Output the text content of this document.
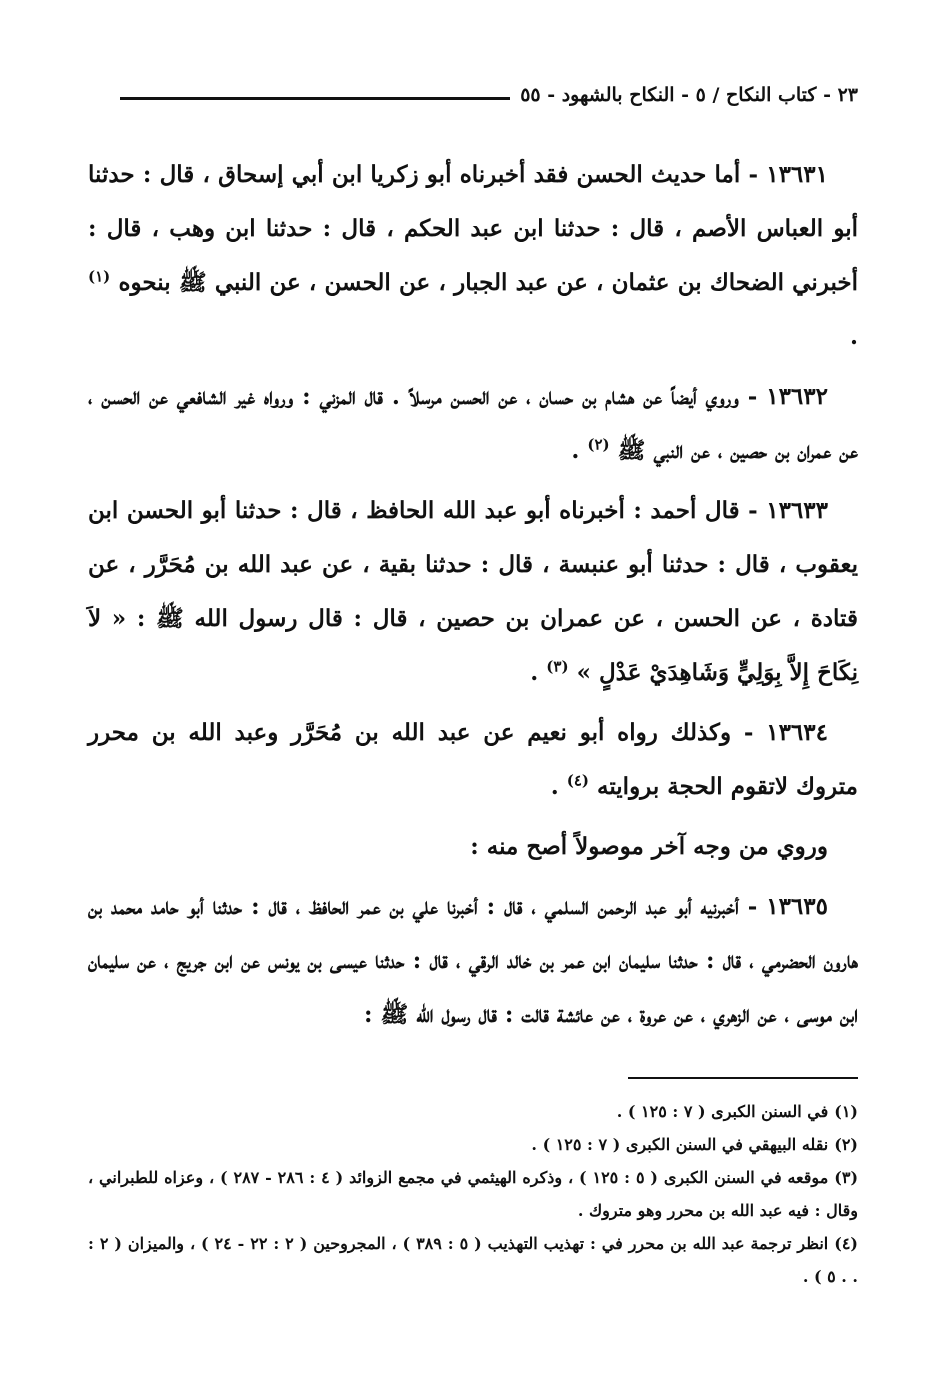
٢٣ - كتاب النكاح / ٥ - النكاح بالشهود - ٥٥

١٣٦٣١ - أما حديث الحسن فقد أخبرناه أبو زكريا ابن أبي إسحاق ، قال : حدثنا أبو العباس الأصم ، قال : حدثنا ابن عبد الحكم ، قال : حدثنا ابن وهب ، قال : أخبرني الضحاك بن عثمان ، عن عبد الجبار ، عن الحسن ، عن النبي ﷺ بنحوه $^{(١)}$ .

١٣٦٣٢ - وروي أيضاً عن هشام بن حسان ، عن الحسن مرسلاً . قال المزني : ورواه غير الشافعي عن الحسن ، عن عمران بن حصين ، عن النبي ﷺ $^{(٢)}$ .

١٣٦٣٣ - قال أحمد : أخبرناه أبو عبد الله الحافظ ، قال : حدثنا أبو الحسن ابن يعقوب ، قال : حدثنا أبو عنبسة ، قال : حدثنا بقية ، عن عبد الله بن مُحَرَّر ، عن قتادة ، عن الحسن ، عن عمران بن حصين ، قال : قال رسول الله ﷺ : « لاَ نِكَاحَ إِلاَّ بِوَلِيٍّ وَشَاهِدَيْ عَدْلٍ » $^{(٣)}$ .

١٣٦٣٤ - وكذلك رواه أبو نعيم عن عبد الله بن مُحَرَّر وعبد الله بن محرر متروك لاتقوم الحجة بروايته $^{(٤)}$ .

وروي من وجه آخر موصولاً أصح منه :

١٣٦٣٥ - أخبرنيه أبو عبد الرحمن السلمي ، قال : أخبرنا علي بن عمر الحافظ ، قال : حدثنا أبو حامد محمد بن هارون الحضرمي ، قال : حدثنا سليمان ابن عمر بن خالد الرقي ، قال : حدثنا عيسى بن يونس عن ابن جريج ، عن سليمان ابن موسى ، عن الزهري ، عن عروة ، عن عائشة قالت : قال رسول الله ﷺ :

(١)في السنن الكبرى ( ٧ : ١٢٥ ) .

(٢)نقله البيهقي في السنن الكبرى ( ٧ : ١٢٥ ) .

(٣)موقعه في السنن الكبرى ( ٥ : ١٢٥ ) ، وذكره الهيثمي في مجمع الزوائد ( ٤ : ٢٨٦ - ٢٨٧ ) ، وعزاه للطبراني ، وقال : فيه عبد الله بن محرر وهو متروك .

(٤)انظر ترجمة عبد الله بن محرر في : تهذيب التهذيب ( ٥ : ٣٨٩ ) ، المجروحين ( ٢ : ٢٢ - ٢٤ ) ، والميزان ( ٢ : . . ٥ ) .
